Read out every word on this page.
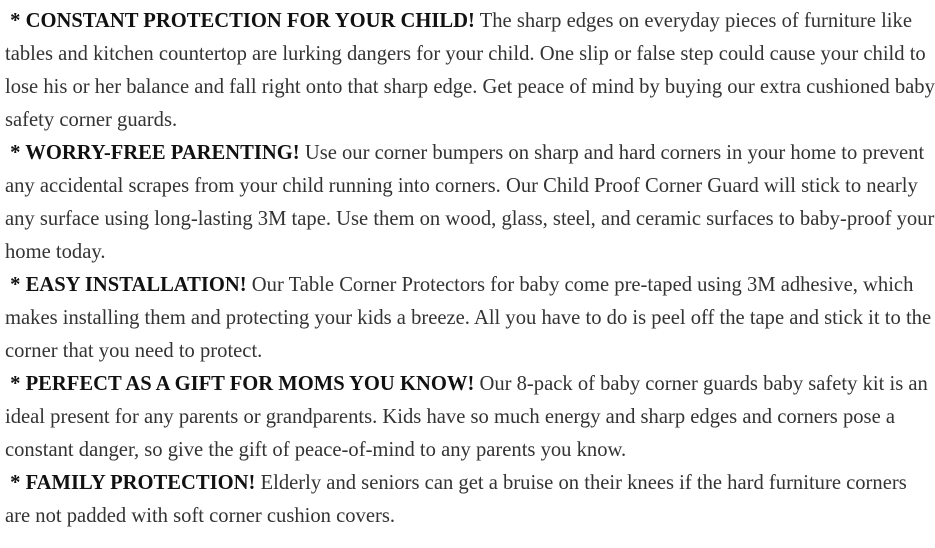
* CONSTANT PROTECTION FOR YOUR CHILD! The sharp edges on everyday pieces of furniture like tables and kitchen countertop are lurking dangers for your child. One slip or false step could cause your child to lose his or her balance and fall right onto that sharp edge. Get peace of mind by buying our extra cushioned baby safety corner guards.

* WORRY-FREE PARENTING! Use our corner bumpers on sharp and hard corners in your home to prevent any accidental scrapes from your child running into corners. Our Child Proof Corner Guard will stick to nearly any surface using long-lasting 3M tape. Use them on wood, glass, steel, and ceramic surfaces to baby-proof your home today.

* EASY INSTALLATION! Our Table Corner Protectors for baby come pre-taped using 3M adhesive, which makes installing them and protecting your kids a breeze. All you have to do is peel off the tape and stick it to the corner that you need to protect.

* PERFECT AS A GIFT FOR MOMS YOU KNOW! Our 8-pack of baby corner guards baby safety kit is an ideal present for any parents or grandparents. Kids have so much energy and sharp edges and corners pose a constant danger, so give the gift of peace-of-mind to any parents you know.

* FAMILY PROTECTION! Elderly and seniors can get a bruise on their knees if the hard furniture corners are not padded with soft corner cushion covers.
